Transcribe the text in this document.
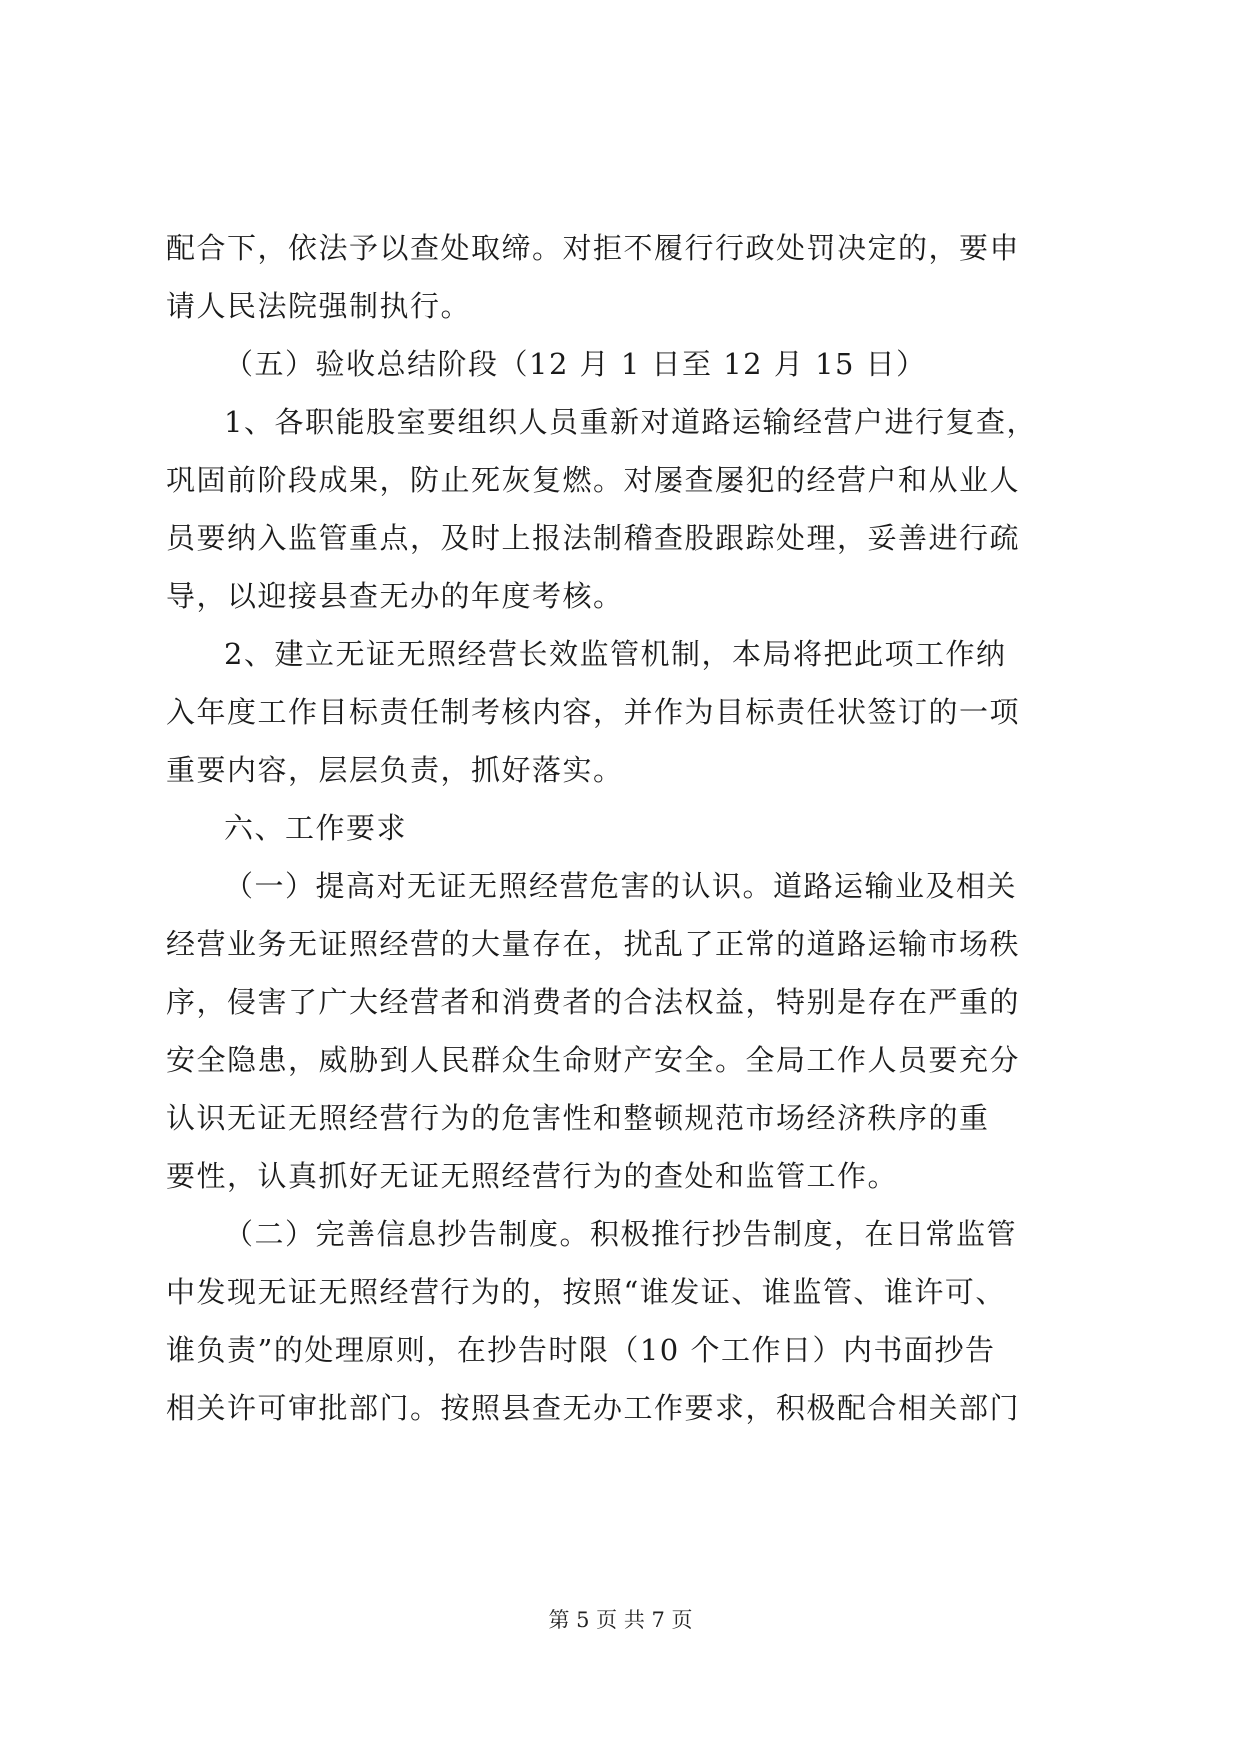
配合下，依法予以查处取缔。对拒不履行行政处罚决定的，要申
请人民法院强制执行。
（五）验收总结阶段（12 月 1 日至 12 月 15 日）
1、各职能股室要组织人员重新对道路运输经营户进行复查，
巩固前阶段成果，防止死灰复燃。对屡查屡犯的经营户和从业人
员要纳入监管重点，及时上报法制稽查股跟踪处理，妥善进行疏
导，以迎接县查无办的年度考核。
2、建立无证无照经营长效监管机制，本局将把此项工作纳
入年度工作目标责任制考核内容，并作为目标责任状签订的一项
重要内容，层层负责，抓好落实。
六、工作要求
（一）提高对无证无照经营危害的认识。道路运输业及相关
经营业务无证照经营的大量存在，扰乱了正常的道路运输市场秩
序，侵害了广大经营者和消费者的合法权益，特别是存在严重的
安全隐患，威胁到人民群众生命财产安全。全局工作人员要充分
认识无证无照经营行为的危害性和整顿规范市场经济秩序的重
要性，认真抓好无证无照经营行为的查处和监管工作。
（二）完善信息抄告制度。积极推行抄告制度，在日常监管
中发现无证无照经营行为的，按照“谁发证、谁监管、谁许可、
谁负责”的处理原则，在抄告时限（10 个工作日）内书面抄告
相关许可审批部门。按照县查无办工作要求，积极配合相关部门
第 5 页 共 7 页
